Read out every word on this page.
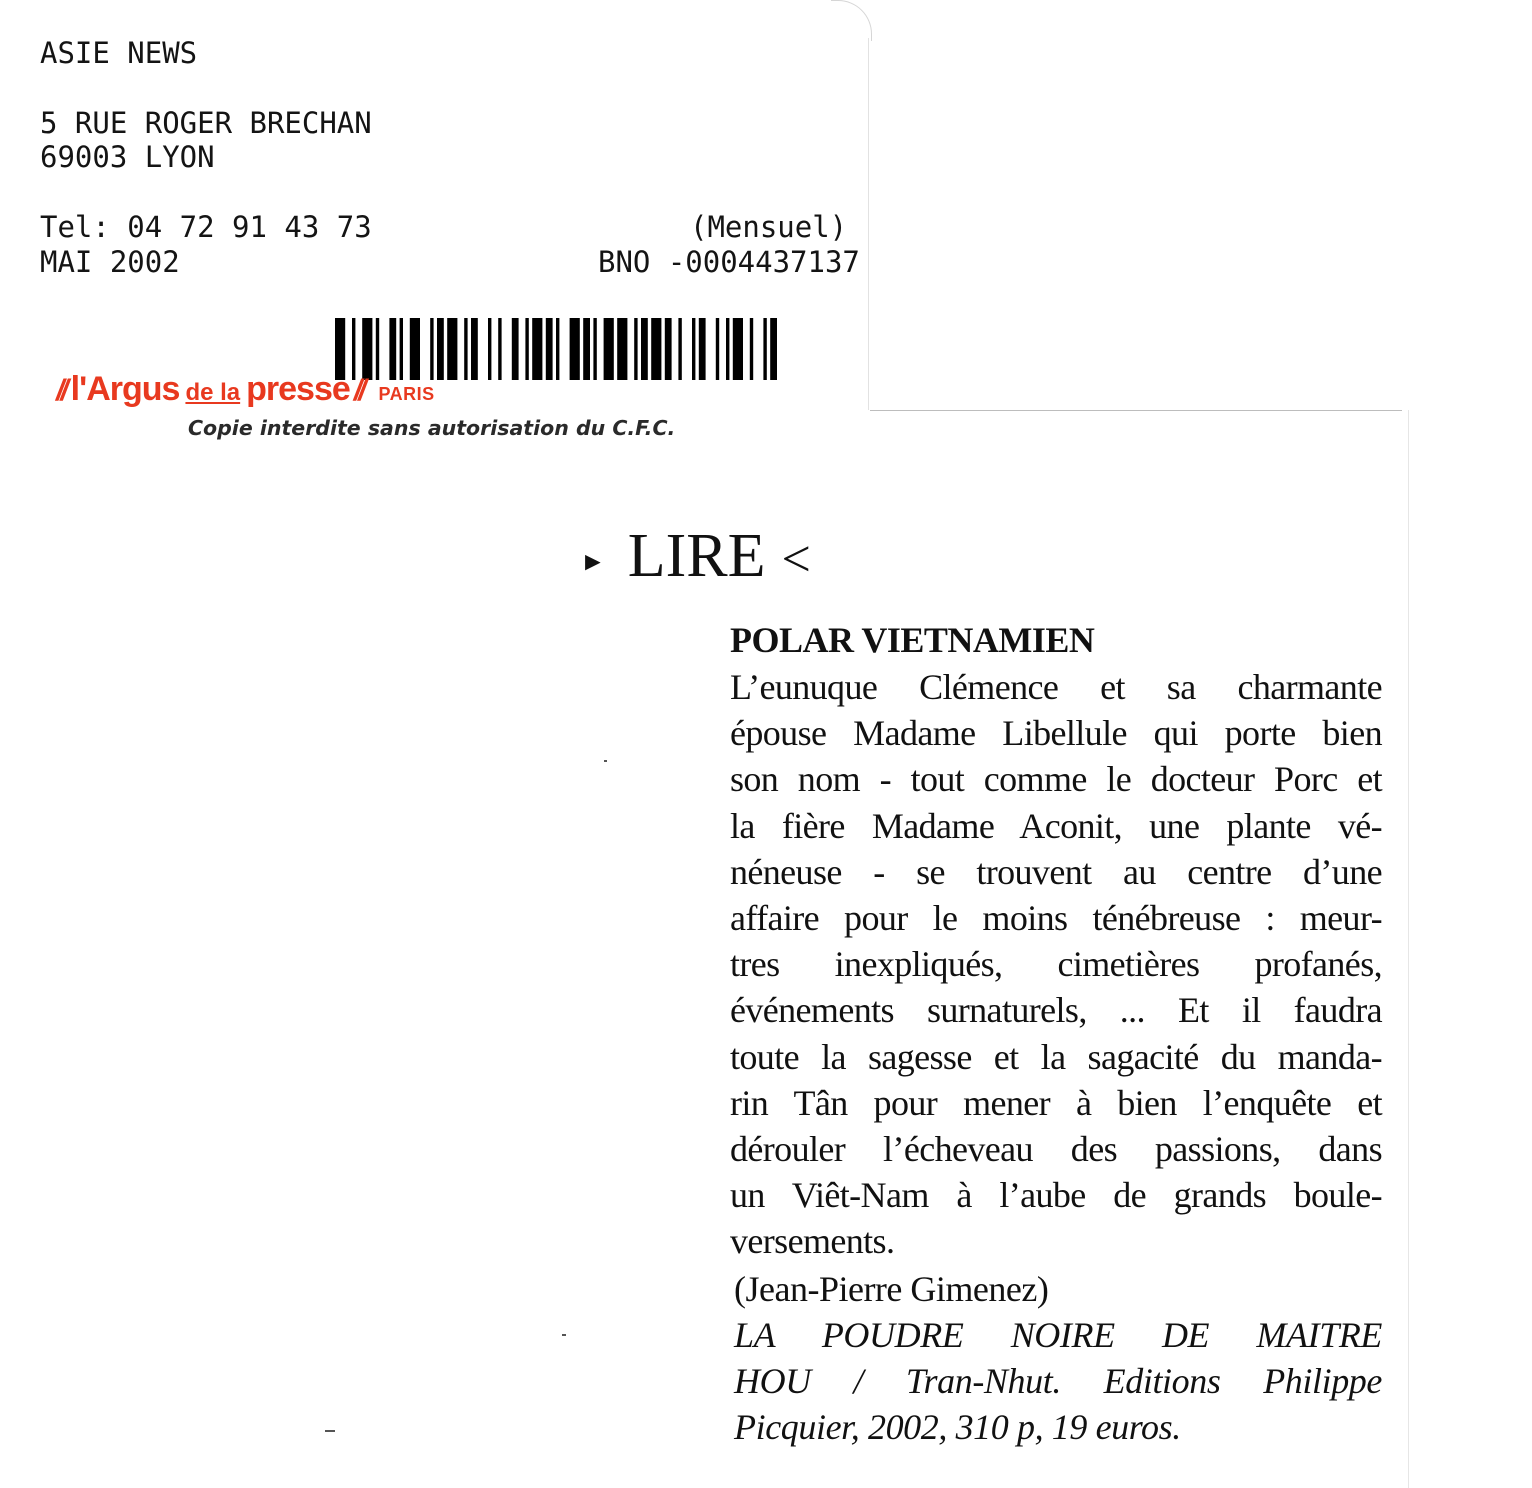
ASIE NEWS
5 RUE ROGER BRECHAN
69003 LYON
Tel: 04 72 91 43 73	(Mensuel)
MAI 2002	BNO -0004437137
// l'Argus de la presse // PARIS
Copie interdite sans autorisation du C.F.C.
► LIRE <
POLAR VIETNAMIEN
L’eunuque Clémence et sa charmante
épouse Madame Libellule qui porte bien
son nom - tout comme le docteur Porc et
la fière Madame Aconit, une plante vé-
néneuse - se trouvent au centre d’une
affaire pour le moins ténébreuse : meur-
tres inexpliqués, cimetières profanés,
événements surnaturels, ... Et il faudra
toute la sagesse et la sagacité du manda-
rin Tân pour mener à bien l’enquête et
dérouler l’écheveau des passions, dans
un Viêt-Nam à l’aube de grands boule-
versements.
(Jean-Pierre Gimenez)
LA POUDRE NOIRE DE MAITRE
HOU / Tran-Nhut. Editions Philippe
Picquier, 2002, 310 p, 19 euros.
